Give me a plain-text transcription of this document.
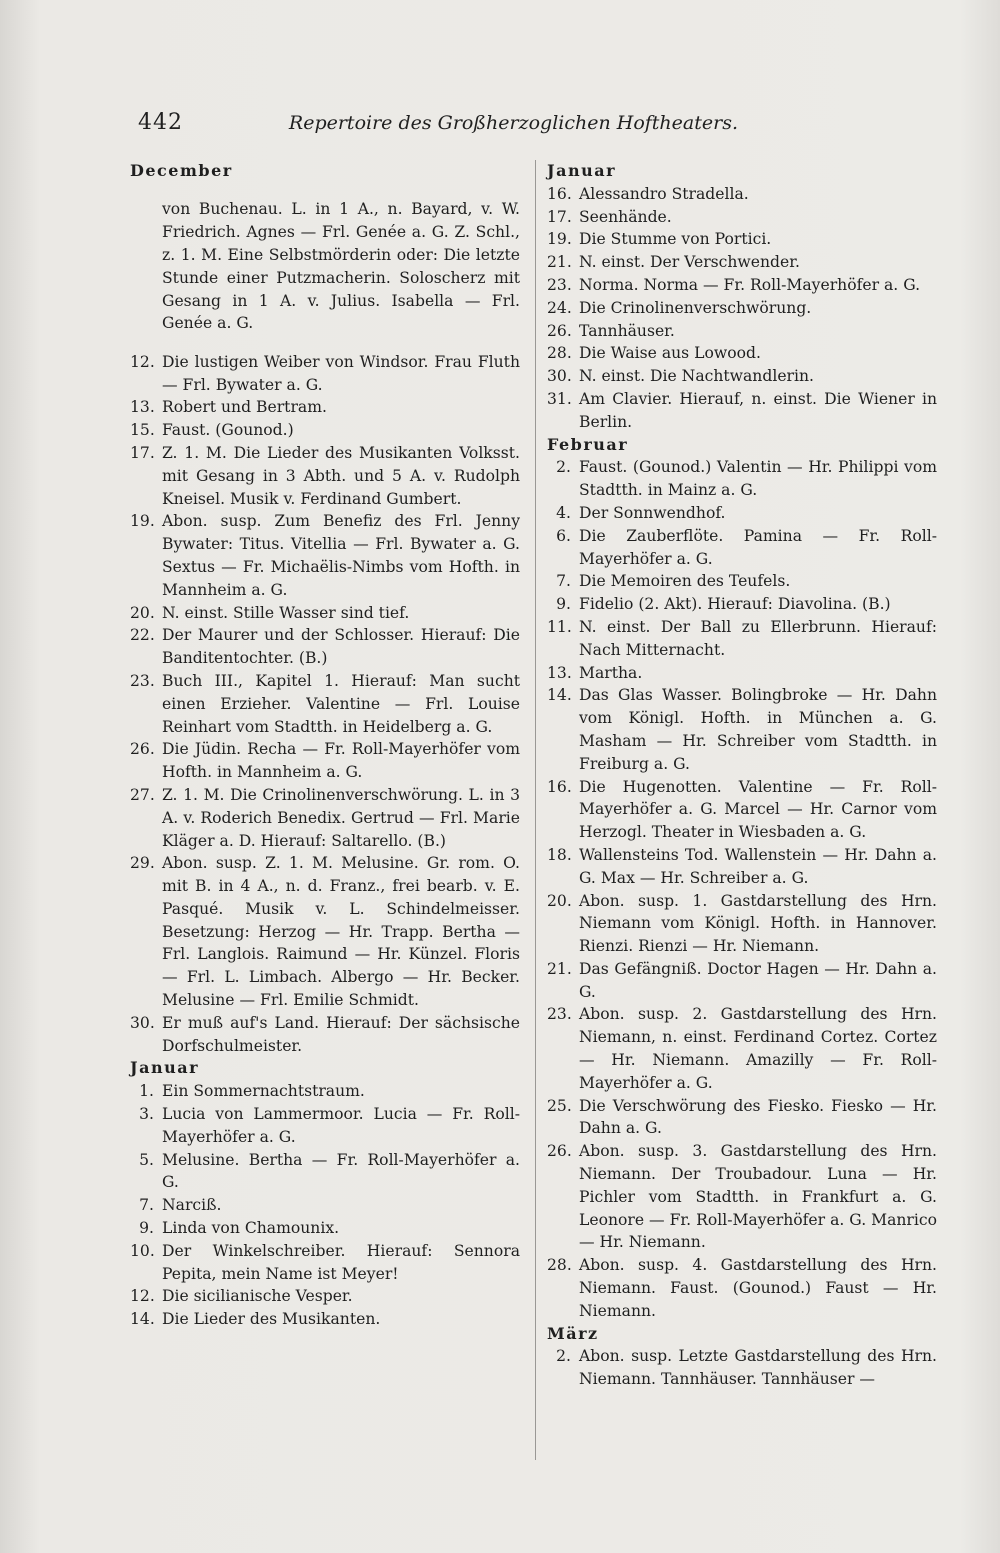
442	Repertoire des Großherzoglichen Hoftheaters.

December

von Buchenau. L. in 1 A., n. Bayard, v. W. Friedrich. Agnes — Frl. Genée a. G. Z. Schl., z. 1. M. Eine Selbstmörderin oder: Die letzte Stunde einer Putzmacherin. Soloscherz mit Gesang in 1 A. v. Julius. Isabella — Frl. Genée a. G.

12. Die lustigen Weiber von Windsor. Frau Fluth — Frl. Bywater a. G.
13. Robert und Bertram.
15. Faust. (Gounod.)
17. Z. 1. M. Die Lieder des Musikanten Volksst. mit Gesang in 3 Abth. und 5 A. v. Rudolph Kneisel. Musik v. Ferdinand Gumbert.
19. Abon. susp. Zum Benefiz des Frl. Jenny Bywater: Titus. Vitellia — Frl. Bywater a. G. Sextus — Fr. Michaëlis-Nimbs vom Hofth. in Mannheim a. G.
20. N. einst. Stille Wasser sind tief.
22. Der Maurer und der Schlosser. Hierauf: Die Banditentochter. (B.)
23. Buch III., Kapitel 1. Hierauf: Man sucht einen Erzieher. Valentine — Frl. Louise Reinhart vom Stadtth. in Heidelberg a. G.
26. Die Jüdin. Recha — Fr. Roll-Mayerhöfer vom Hofth. in Mannheim a. G.
27. Z. 1. M. Die Crinolinenverschwörung. L. in 3 A. v. Roderich Benedix. Gertrud — Frl. Marie Kläger a. D. Hierauf: Saltarello. (B.)
29. Abon. susp. Z. 1. M. Melusine. Gr. rom. O. mit B. in 4 A., n. d. Franz., frei bearb. v. E. Pasqué. Musik v. L. Schindelmeisser. Besetzung: Herzog — Hr. Trapp. Bertha — Frl. Langlois. Raimund — Hr. Künzel. Floris — Frl. L. Limbach. Albergo — Hr. Becker. Melusine — Frl. Emilie Schmidt.
30. Er muß auf's Land. Hierauf: Der sächsische Dorfschulmeister.

Januar

1. Ein Sommernachtstraum.
3. Lucia von Lammermoor. Lucia — Fr. Roll-Mayerhöfer a. G.
5. Melusine. Bertha — Fr. Roll-Mayerhöfer a. G.
7. Narciß.
9. Linda von Chamounix.
10. Der Winkelschreiber. Hierauf: Sennora Pepita, mein Name ist Meyer!
12. Die sicilianische Vesper.
14. Die Lieder des Musikanten.

Januar

16. Alessandro Stradella.
17. Seenhände.
19. Die Stumme von Portici.
21. N. einst. Der Verschwender.
23. Norma. Norma — Fr. Roll-Mayerhöfer a. G.
24. Die Crinolinenverschwörung.
26. Tannhäuser.
28. Die Waise aus Lowood.
30. N. einst. Die Nachtwandlerin.
31. Am Clavier. Hierauf, n. einst. Die Wiener in Berlin.

Februar

2. Faust. (Gounod.) Valentin — Hr. Philippi vom Stadtth. in Mainz a. G.
4. Der Sonnwendhof.
6. Die Zauberflöte. Pamina — Fr. Roll-Mayerhöfer a. G.
7. Die Memoiren des Teufels.
9. Fidelio (2. Akt). Hierauf: Diavolina. (B.)
11. N. einst. Der Ball zu Ellerbrunn. Hierauf: Nach Mitternacht.
13. Martha.
14. Das Glas Wasser. Bolingbroke — Hr. Dahn vom Königl. Hofth. in München a. G. Masham — Hr. Schreiber vom Stadtth. in Freiburg a. G.
16. Die Hugenotten. Valentine — Fr. Roll-Mayerhöfer a. G. Marcel — Hr. Carnor vom Herzogl. Theater in Wiesbaden a. G.
18. Wallensteins Tod. Wallenstein — Hr. Dahn a. G. Max — Hr. Schreiber a. G.
20. Abon. susp. 1. Gastdarstellung des Hrn. Niemann vom Königl. Hofth. in Hannover. Rienzi. Rienzi — Hr. Niemann.
21. Das Gefängniß. Doctor Hagen — Hr. Dahn a. G.
23. Abon. susp. 2. Gastdarstellung des Hrn. Niemann, n. einst. Ferdinand Cortez. Cortez — Hr. Niemann. Amazilly — Fr. Roll-Mayerhöfer a. G.
25. Die Verschwörung des Fiesko. Fiesko — Hr. Dahn a. G.
26. Abon. susp. 3. Gastdarstellung des Hrn. Niemann. Der Troubadour. Luna — Hr. Pichler vom Stadtth. in Frankfurt a. G. Leonore — Fr. Roll-Mayerhöfer a. G. Manrico — Hr. Niemann.
28. Abon. susp. 4. Gastdarstellung des Hrn. Niemann. Faust. (Gounod.) Faust — Hr. Niemann.

März

2. Abon. susp. Letzte Gastdarstellung des Hrn. Niemann. Tannhäuser. Tannhäuser —
